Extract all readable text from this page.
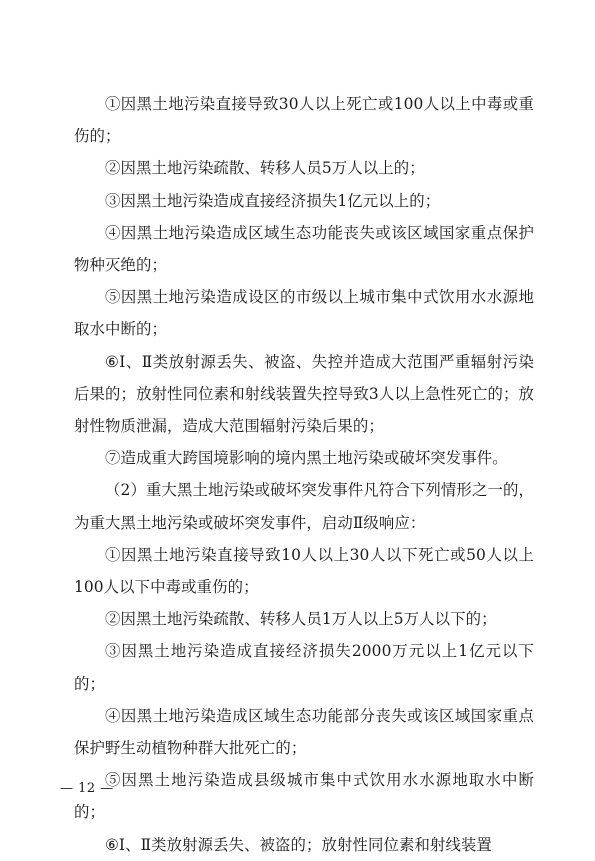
①因黑土地污染直接导致30人以上死亡或100人以上中毒或重伤的；

②因黑土地污染疏散、转移人员5万人以上的；

③因黑土地污染造成直接经济损失1亿元以上的；

④因黑土地污染造成区域生态功能丧失或该区域国家重点保护物种灭绝的；

⑤因黑土地污染造成设区的市级以上城市集中式饮用水水源地取水中断的；

⑥Ⅰ、Ⅱ类放射源丢失、被盗、失控并造成大范围严重辐射污染后果的；放射性同位素和射线装置失控导致3人以上急性死亡的；放射性物质泄漏，造成大范围辐射污染后果的；

⑦造成重大跨国境影响的境内黑土地污染或破坏突发事件。

（2）重大黑土地污染或破坏突发事件凡符合下列情形之一的，为重大黑土地污染或破坏突发事件，启动Ⅱ级响应：

①因黑土地污染直接导致10人以上30人以下死亡或50人以上100人以下中毒或重伤的；

②因黑土地污染疏散、转移人员1万人以上5万人以下的；

③因黑土地污染造成直接经济损失2000万元以上1亿元以下的；

④因黑土地污染造成区域生态功能部分丧失或该区域国家重点保护野生动植物种群大批死亡的；

⑤因黑土地污染造成县级城市集中式饮用水水源地取水中断的；

⑥Ⅰ、Ⅱ类放射源丢失、被盗的；放射性同位素和射线装置

— 12 —
